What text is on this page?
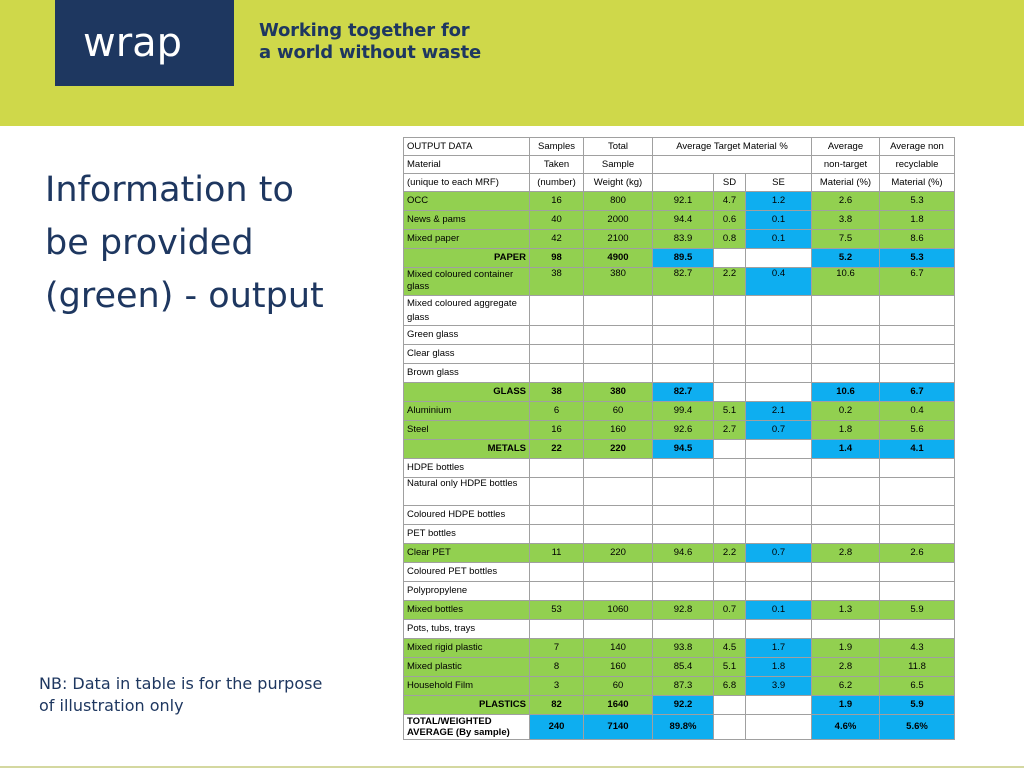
wrap	Working together for
a world without waste
Information to
be provided
(green) - output
NB: Data in table is for the purpose
of illustration only
OUTPUT DATA	Samples	Total	Average Target Material %			Average	Average non
Material	Taken	Sample				non-target	recyclable
(unique to each MRF)	(number)	Weight (kg)		SD	SE	Material (%)	Material (%)
OCC	16	800	92.1	4.7	1.2	2.6	5.3
News & pams	40	2000	94.4	0.6	0.1	3.8	1.8
Mixed paper	42	2100	83.9	0.8	0.1	7.5	8.6
PAPER	98	4900	89.5			5.2	5.3
Mixed coloured container glass	38	380	82.7	2.2	0.4	10.6	6.7
Mixed coloured aggregate glass							
Green glass							
Clear glass							
Brown glass							
GLASS	38	380	82.7			10.6	6.7
Aluminium	6	60	99.4	5.1	2.1	0.2	0.4
Steel	16	160	92.6	2.7	0.7	1.8	5.6
METALS	22	220	94.5			1.4	4.1
HDPE bottles							
Natural only HDPE bottles							
Coloured HDPE bottles							
PET bottles							
Clear PET	11	220	94.6	2.2	0.7	2.8	2.6
Coloured PET bottles							
Polypropylene							
Mixed bottles	53	1060	92.8	0.7	0.1	1.3	5.9
Pots, tubs, trays							
Mixed rigid plastic	7	140	93.8	4.5	1.7	1.9	4.3
Mixed plastic	8	160	85.4	5.1	1.8	2.8	11.8
Household Film	3	60	87.3	6.8	3.9	6.2	6.5
PLASTICS	82	1640	92.2			1.9	5.9
TOTAL/WEIGHTED AVERAGE (By sample)	240	7140	89.8%			4.6%	5.6%
